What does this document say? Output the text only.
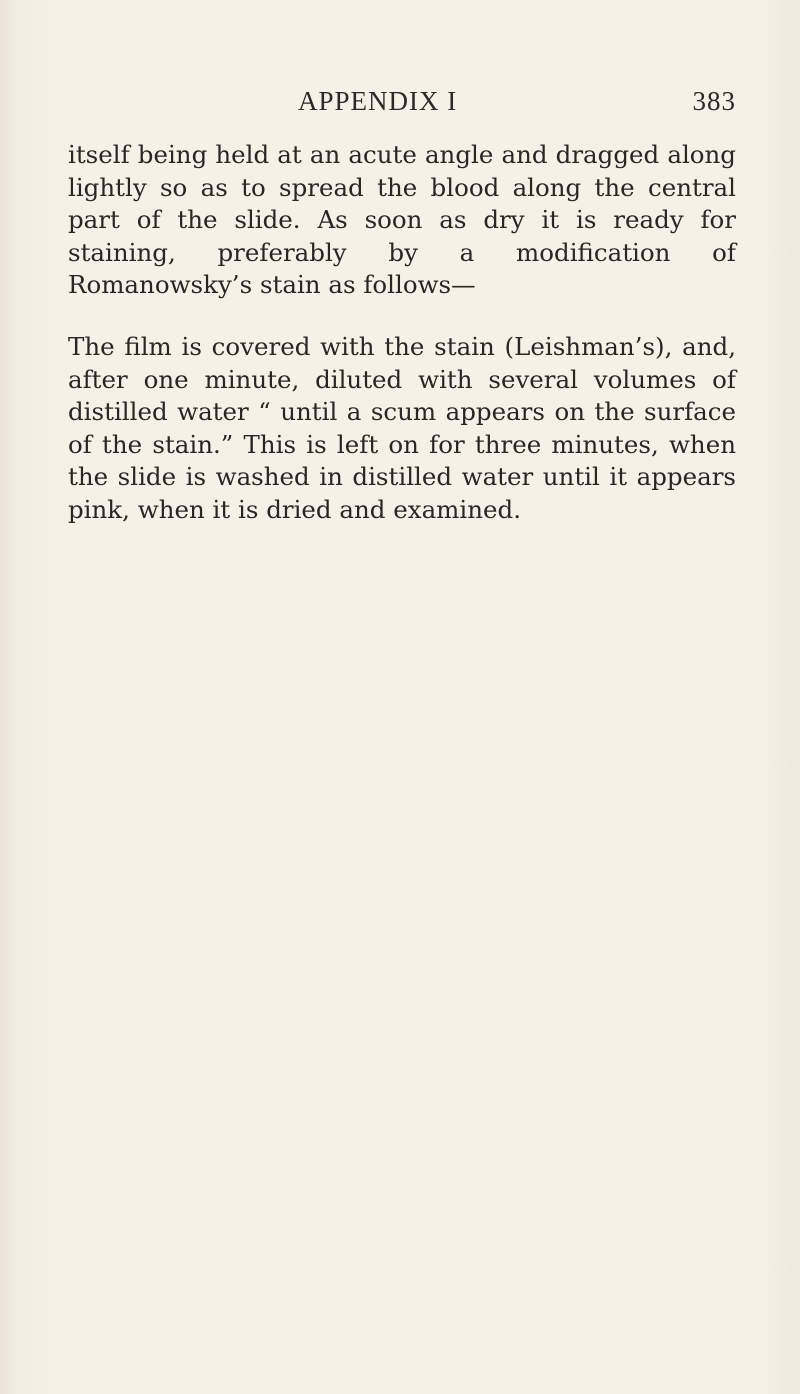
APPENDIX I	383

itself being held at an acute angle and dragged along lightly so as to spread the blood along the central part of the slide. As soon as dry it is ready for staining, preferably by a modification of Romanowsky’s stain as follows—

The film is covered with the stain (Leishman’s), and, after one minute, diluted with several volumes of distilled water “ until a scum appears on the surface of the stain.” This is left on for three minutes, when the slide is washed in distilled water until it appears pink, when it is dried and examined.
